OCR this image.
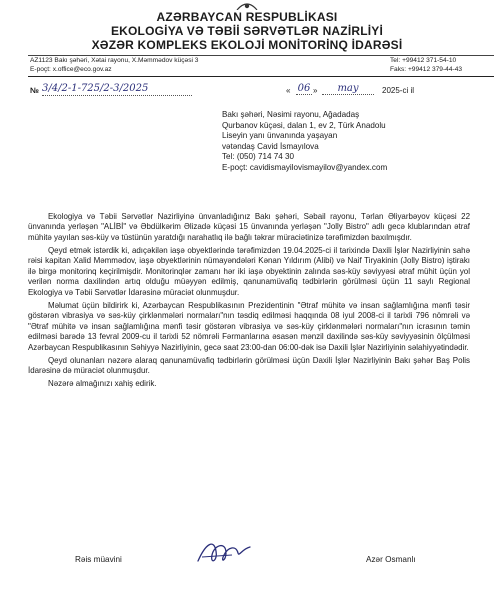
AZƏRBAYCAN RESPUBLİKASI
EKOLOGİYA VƏ TƏBİİ SƏRVƏTLƏR NAZİRLİYİ
XƏZƏR KOMPLEKS EKOLOJİ MONİTORİNQ İDARƏSİ
AZ1123 Bakı şəhəri, Xətai rayonu, X.Məmmədov küçəsi 3
E-poçt: x.office@eco.gov.az
Tel: +99412 371-54-10
Faks: +99412 379-44-43
№ 3/4/2-1-725/2-3/2025	« 06 »	may	2025-ci il
Bakı şəhəri, Nəsimi rayonu, Ağadadaş
Qurbanov küçəsi, dalan 1, ev 2, Türk Anadolu
Liseyin yanı ünvanında yaşayan
vətəndaş Cavid İsmayılova
Tel: (050) 714 74 30
E-poçt: cavidismayilovismayilov@yandex.com

Ekologiya və Təbii Sərvətlər Nazirliyinə ünvanladığınız Bakı şəhəri, Səbail rayonu, Tərlan Əliyarbəyov küçəsi 22 ünvanında yerləşən "ALİBİ" və Əbdülkərim Əlizadə küçəsi 15 ünvanında yerləşən "Jolly Bistro" adlı gecə klublarından ətraf mühitə yayılan səs-küy və tüstünün yaratdığı narahatlıq ilə bağlı təkrar müraciətinizə tərəfimizdən baxılmışdır.

Qeyd etmək istərdik ki, adıçəkilən iaşə obyektlərində tərəfimizdən 19.04.2025-ci il tarixində Daxili İşlər Nazirliyinin sahə rəisi kapitan Xalid Məmmədov, iaşə obyektlərinin nümayəndələri Kənan Yıldırım (Alibi) və Naif Tiryakinin (Jolly Bistro) iştirakı ilə birgə monitorinq keçirilmişdir. Monitorinqlər zamanı hər iki iaşə obyektinin zalında səs-küy səviyyəsi ətraf mühit üçün yol verilən norma daxilindən artıq olduğu müəyyən edilmiş, qanunamüvafiq tədbirlərin görülməsi üçün 11 saylı Regional Ekologiya və Təbii Sərvətlər İdarəsinə müraciət olunmuşdur.

Məlumat üçün bildirirk ki, Azərbaycan Respublikasının Prezidentinin "Ətraf mühitə və insan sağlamlığına mənfi təsir göstərən vibrasiya və səs-küy çirklənmələri normaları"nın təsdiq edilməsi haqqında 08 iyul 2008-ci il tarixli 796 nömrəli və "Ətraf mühitə və insan sağlamlığına mənfi təsir göstərən vibrasiya və səs-küy çirklənmələri normaları"nın icrasının təmin edilməsi barədə 13 fevral 2009-cu il tarixli 52 nömrəli Fərmanlarına əsasən mənzil daxilində səs-küy səviyyəsinin ölçülməsi Azərbaycan Respublikasının Səhiyyə Nazirliyinin, gecə saat 23:00-dan 06:00-dək isə Daxili İşlər Nazirliyinin səlahiyyətindədir.

Qeyd olunanları nəzərə alaraq qanunamüvafiq tədbirlərin görülməsi üçün Daxili İşlər Nazirliyinin Bakı şəhər Baş Polis İdarəsinə də müraciət olunmuşdur.

Nəzərə almağınızı xahiş edirik.

Rəis müavini	Azər Osmanlı
